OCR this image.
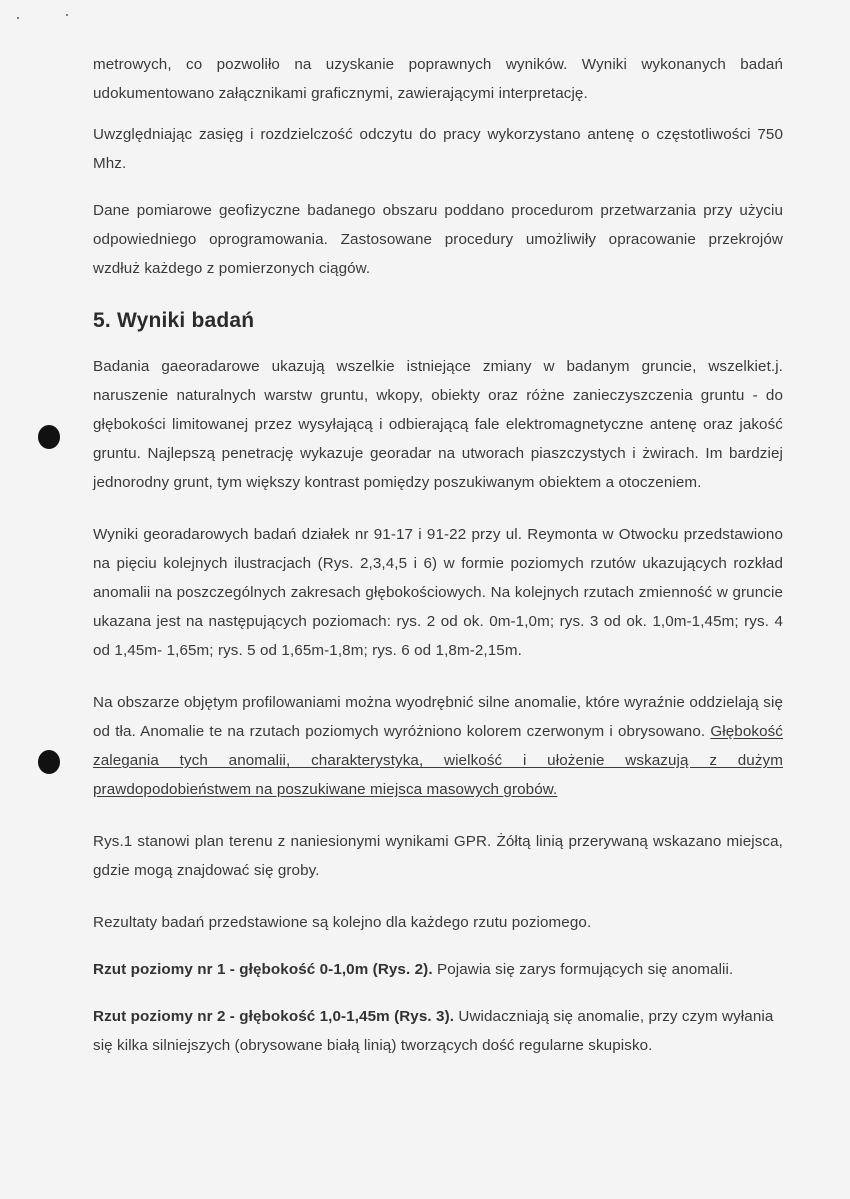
metrowych, co pozwoliło na uzyskanie poprawnych wyników. Wyniki wykonanych badań udokumentowano załącznikami graficznymi, zawierającymi interpretację.

Uwzględniając zasięg i rozdzielczość odczytu do pracy wykorzystano antenę o częstotliwości 750 Mhz.

Dane pomiarowe geofizyczne badanego obszaru poddano procedurom przetwarzania przy użyciu odpowiedniego oprogramowania. Zastosowane procedury umożliwiły opracowanie przekrojów wzdłuż każdego z pomierzonych ciągów.

5. Wyniki badań

Badania gaeoradarowe ukazują wszelkie istniejące zmiany w badanym gruncie,	t.j.
wszelkie naruszenie naturalnych warstw gruntu, wkopy, obiekty oraz różne zanieczyszczenia gruntu - do głębokości limitowanej przez wysyłającą i odbierającą fale elektromagnetyczne antenę oraz jakość gruntu. Najlepszą penetrację wykazuje georadar na utworach piaszczystych i żwirach. Im bardziej jednorodny grunt, tym większy kontrast pomiędzy poszukiwanym obiektem a otoczeniem.

Wyniki georadarowych badań działek nr 91-17 i 91-22 przy ul. Reymonta w Otwocku przedstawiono na pięciu kolejnych ilustracjach (Rys. 2,3,4,5 i 6) w formie poziomych rzutów ukazujących rozkład anomalii na poszczególnych zakresach głębokościowych. Na kolejnych rzutach zmienność w gruncie ukazana jest na następujących poziomach: rys. 2 od ok. 0m-1,0m; rys. 3 od ok. 1,0m-1,45m; rys. 4 od 1,45m- 1,65m; rys. 5 od 1,65m-1,8m; rys. 6 od 1,8m-2,15m.

Na obszarze objętym profilowaniami można wyodrębnić silne anomalie, które wyraźnie oddzielają się od tła. Anomalie te na rzutach poziomych wyróżniono kolorem czerwonym i obrysowano. Głębokość zalegania tych anomalii, charakterystyka, wielkość i ułożenie wskazują z dużym prawdopodobieństwem na poszukiwane miejsca masowych grobów.

Rys.1 stanowi plan terenu z naniesionymi wynikami GPR. Żółtą linią przerywaną wskazano miejsca, gdzie mogą znajdować się groby.

Rezultaty badań przedstawione są kolejno dla każdego rzutu poziomego.

Rzut poziomy nr 1 - głębokość 0-1,0m (Rys. 2). Pojawia się zarys formujących się anomalii.

Rzut poziomy nr 2 - głębokość 1,0-1,45m (Rys. 3). Uwidaczniają się anomalie, przy czym wyłania się kilka silniejszych (obrysowane białą linią) tworzących dość regularne skupisko.
